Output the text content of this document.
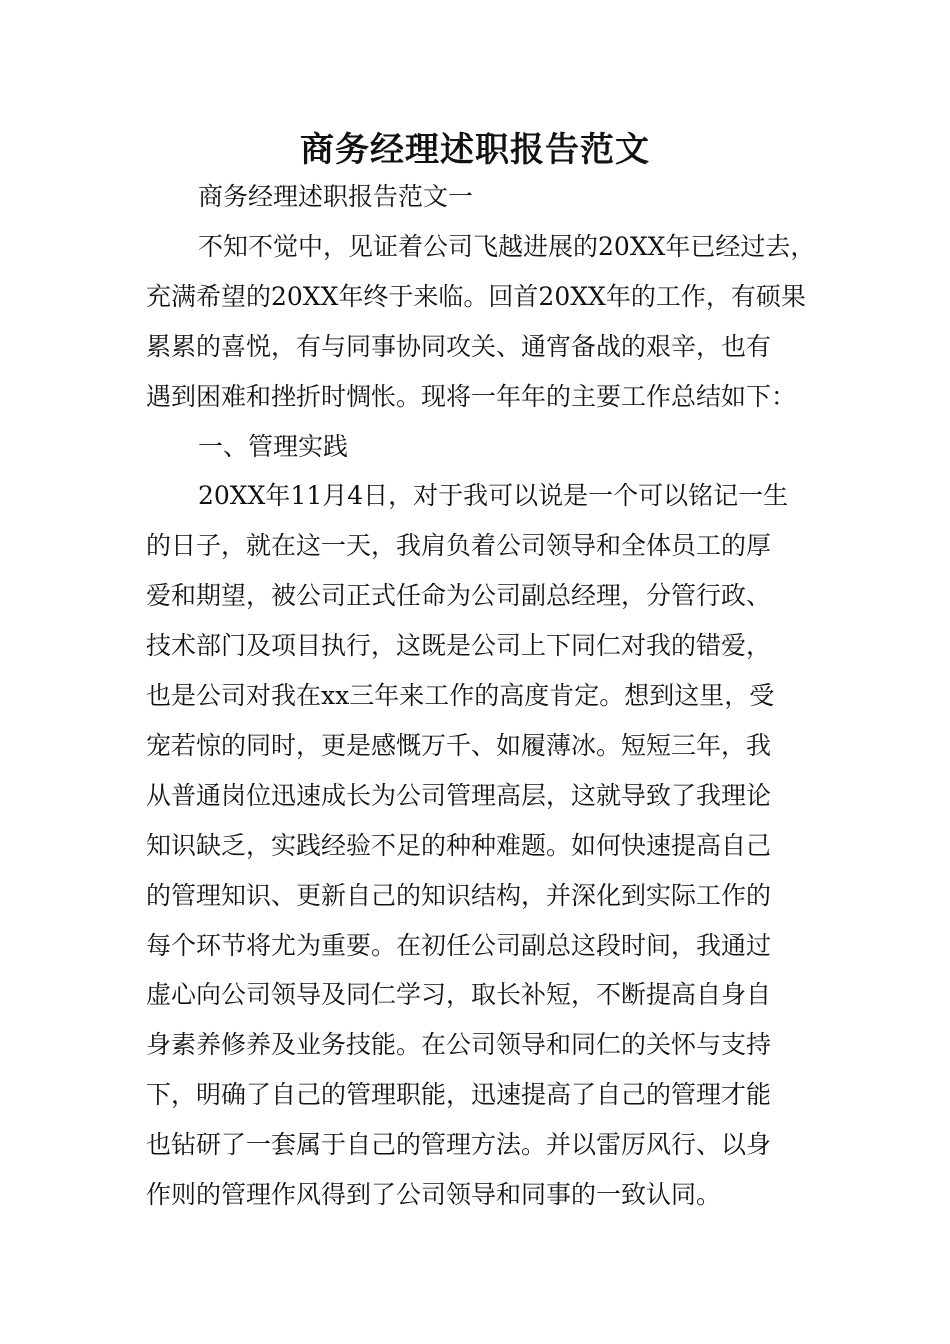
商务经理述职报告范文

商务经理述职报告范文一

不知不觉中，见证着公司飞越进展的20XX年已经过去，

充满希望的20XX年终于来临。回首20XX年的工作，有硕果

累累的喜悦，有与同事协同攻关、通宵备战的艰辛，也有

遇到困难和挫折时惆怅。现将一年年的主要工作总结如下：

一、管理实践

20XX年11月4日，对于我可以说是一个可以铭记一生

的日子，就在这一天，我肩负着公司领导和全体员工的厚

爱和期望，被公司正式任命为公司副总经理，分管行政、

技术部门及项目执行，这既是公司上下同仁对我的错爱，

也是公司对我在xx三年来工作的高度肯定。想到这里，受

宠若惊的同时，更是感慨万千、如履薄冰。短短三年，我

从普通岗位迅速成长为公司管理高层，这就导致了我理论

知识缺乏，实践经验不足的种种难题。如何快速提高自己

的管理知识、更新自己的知识结构，并深化到实际工作的

每个环节将尤为重要。在初任公司副总这段时间，我通过

虚心向公司领导及同仁学习，取长补短，不断提高自身自

身素养修养及业务技能。在公司领导和同仁的关怀与支持

下，明确了自己的管理职能，迅速提高了自己的管理才能

也钻研了一套属于自己的管理方法。并以雷厉风行、以身

作则的管理作风得到了公司领导和同事的一致认同。
